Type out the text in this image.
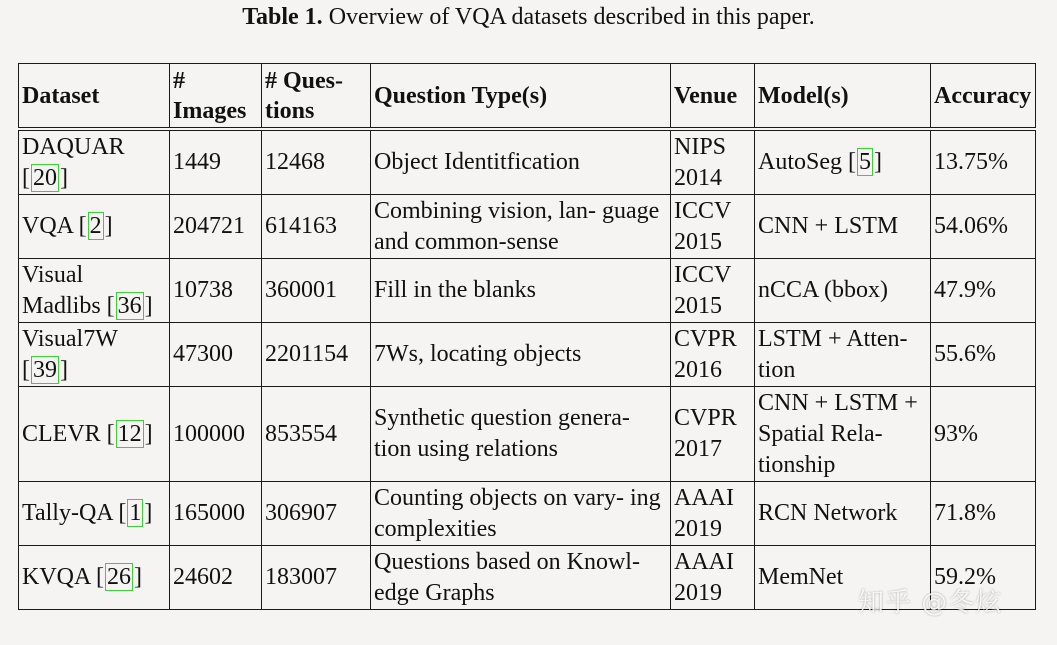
Table 1. Overview of VQA datasets described in this paper.
Dataset	# Images	# Ques- tions	Question Type(s)	Venue	Model(s)	Accuracy
DAQUAR [ 20 ]	1449	12468	Object Identitfication	NIPS 2014	AutoSeg [ 5 ]	13.75%
VQA [ 2 ]	204721	614163	Combining vision, lan- guage and common-sense	ICCV 2015	CNN + LSTM	54.06%
Visual Madlibs [ 36 ]	10738	360001	Fill in the blanks	ICCV 2015	nCCA (bbox)	47.9%
Visual7W [ 39 ]	47300	2201154	7Ws, locating objects	CVPR 2016	LSTM + Atten- tion	55.6%
CLEVR [ 12 ]	100000	853554	Synthetic question genera- tion using relations	CVPR 2017	CNN + LSTM + Spatial Rela- tionship	93%
Tally-QA [ 1 ]	165000	306907	Counting objects on vary- ing complexities	AAAI 2019	RCN Network	71.8%
KVQA [ 26 ]	24602	183007	Questions based on Knowl- edge Graphs	AAAI 2019	MemNet	59.2%
知乎 @冬炫
